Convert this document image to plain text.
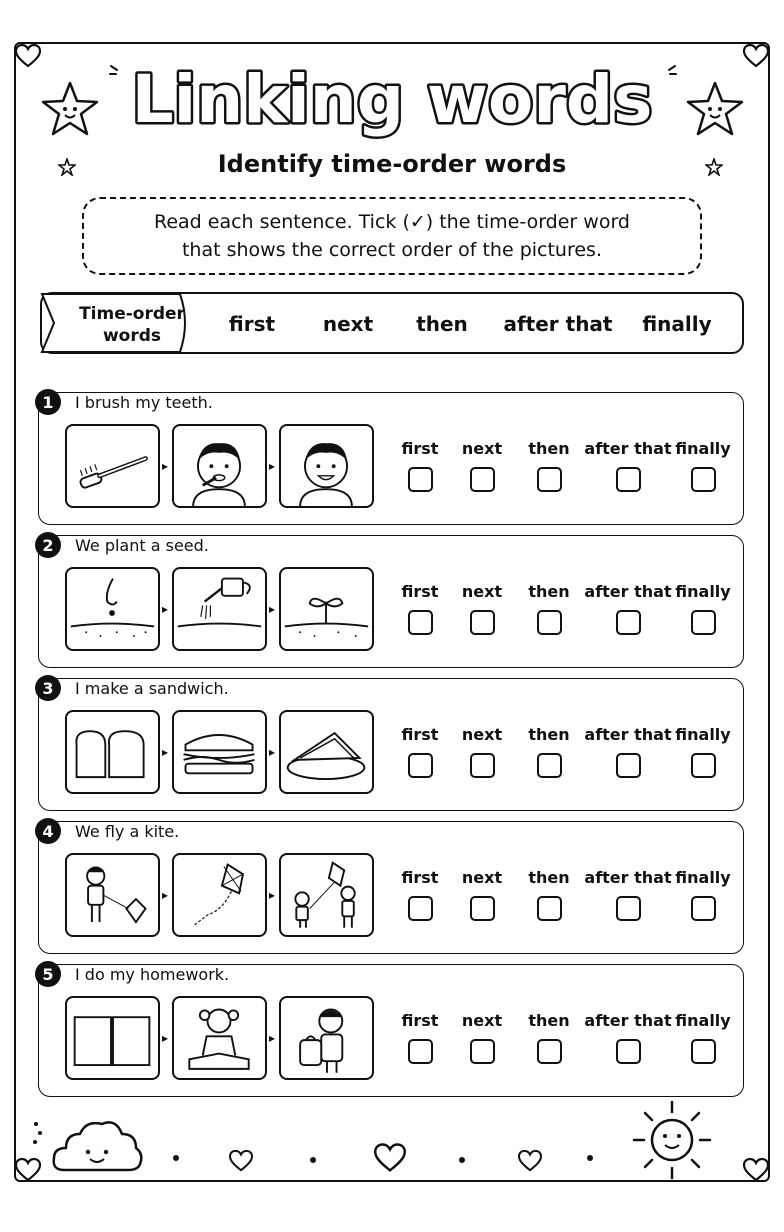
Linking words
Identify time-order words
Read each sentence. Tick (✓) the time-order word
that shows the correct order of the pictures.
Time-order
words	first	next	then	after that	finally
1	I brush my teeth.
▸	▸
first	next	then after that finally
2	We plant a seed.
▸	▸
first	next	then after that finally
3	I make a sandwich.
▸	▸
first	next	then after that finally
4	We fly a kite.
▸	▸
first	next	then after that finally
5	I do my homework.
▸	▸
first	next	then after that finally
